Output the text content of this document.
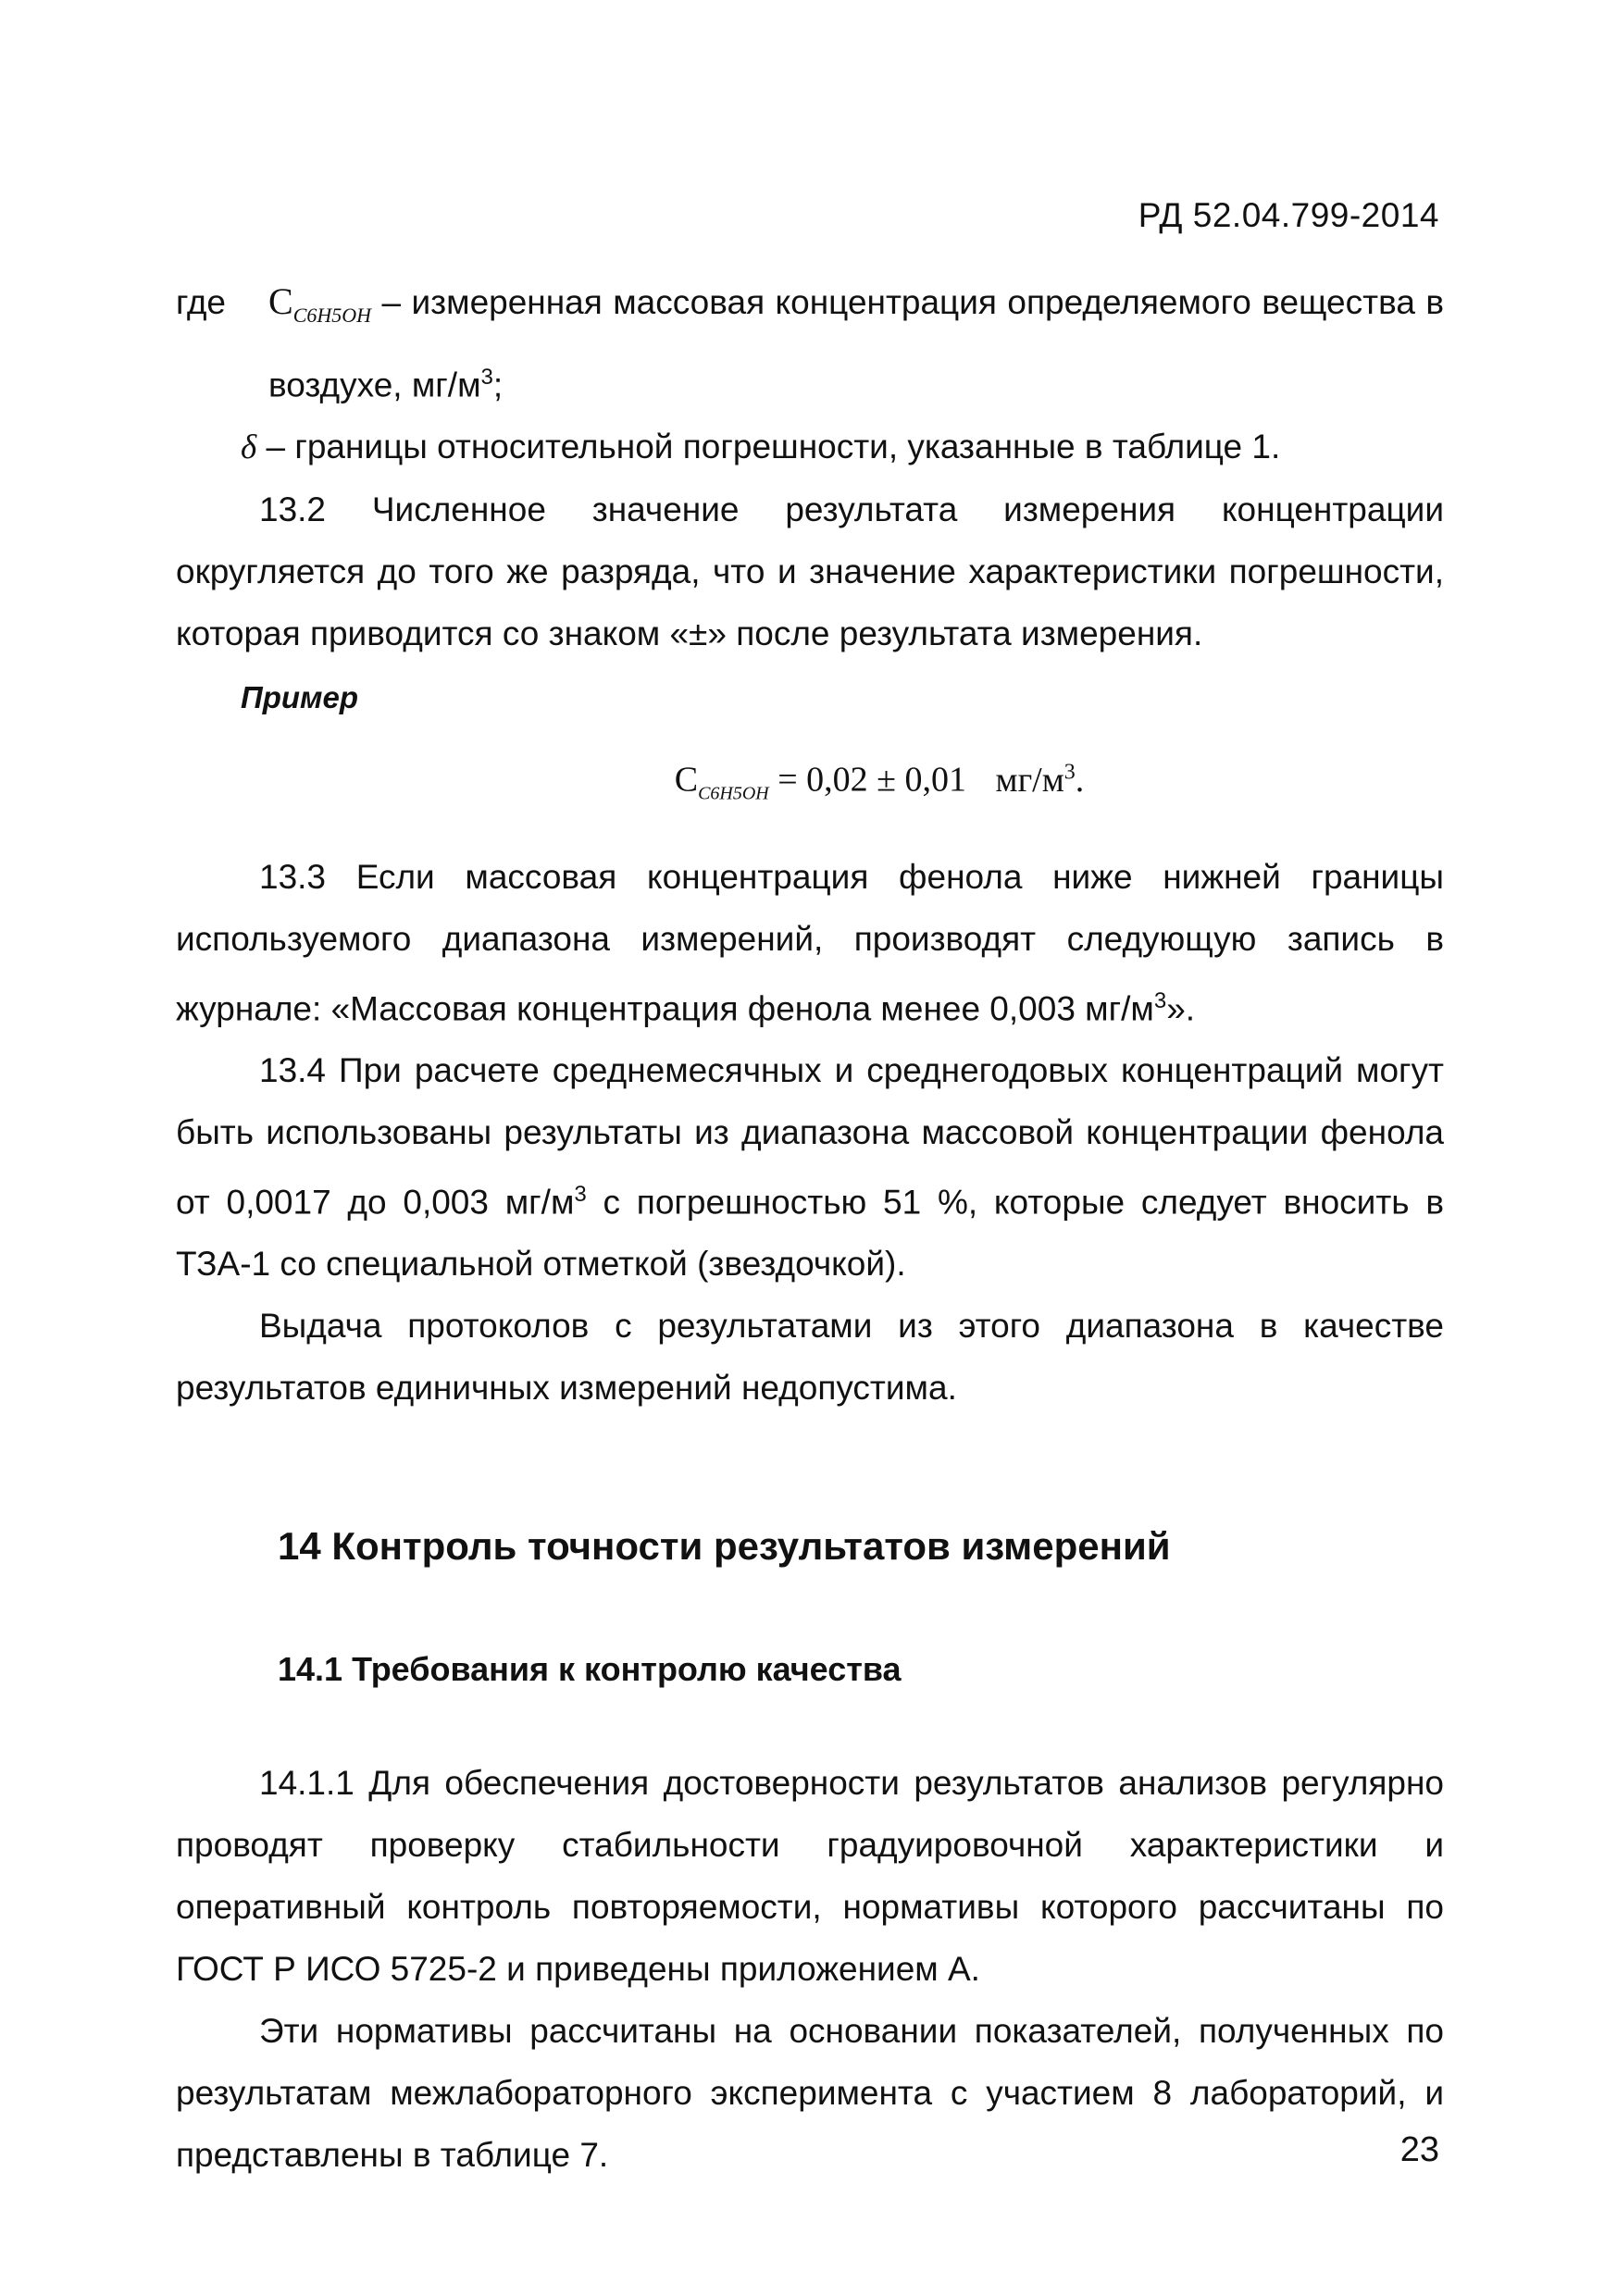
РД 52.04.799-2014
где	$C_{C6H5OH}$ – измеренная массовая концентрация определяемого вещества в воздухе, $мг/м^3$;

δ – границы относительной погрешности, указанные в таблице 1.

13.2 Численное значение результата измерения концентрации округляется до того же разряда, что и значение характеристики погрешности, которая приводится со знаком «±» после результата измерения.

Пример
$C_{C6H5OH} = 0,02 \pm 0,01$ $мг/м^3$.

13.3 Если массовая концентрация фенола ниже нижней границы используемого диапазона измерений, производят следующую запись в журнале: «Массовая концентрация фенола менее 0,003 $мг/м^3$».

13.4 При расчете среднемесячных и среднегодовых концентраций могут быть использованы результаты из диапазона массовой концентрации фенола от 0,0017 до 0,003 $мг/м^3$ с погрешностью 51 %, которые следует вносить в ТЗА-1 со специальной отметкой (звездочкой).

Выдача протоколов с результатами из этого диапазона в качестве результатов единичных измерений недопустима.

14 Контроль точности результатов измерений
14.1 Требования к контролю качества

14.1.1 Для обеспечения достоверности результатов анализов регулярно проводят проверку стабильности градуировочной характеристики и оперативный контроль повторяемости, нормативы которого рассчитаны по ГОСТ Р ИСО 5725-2 и приведены приложением А.

Эти нормативы рассчитаны на основании показателей, полученных по результатам межлабораторного эксперимента с участием 8 лабораторий, и представлены в таблице 7.	23
